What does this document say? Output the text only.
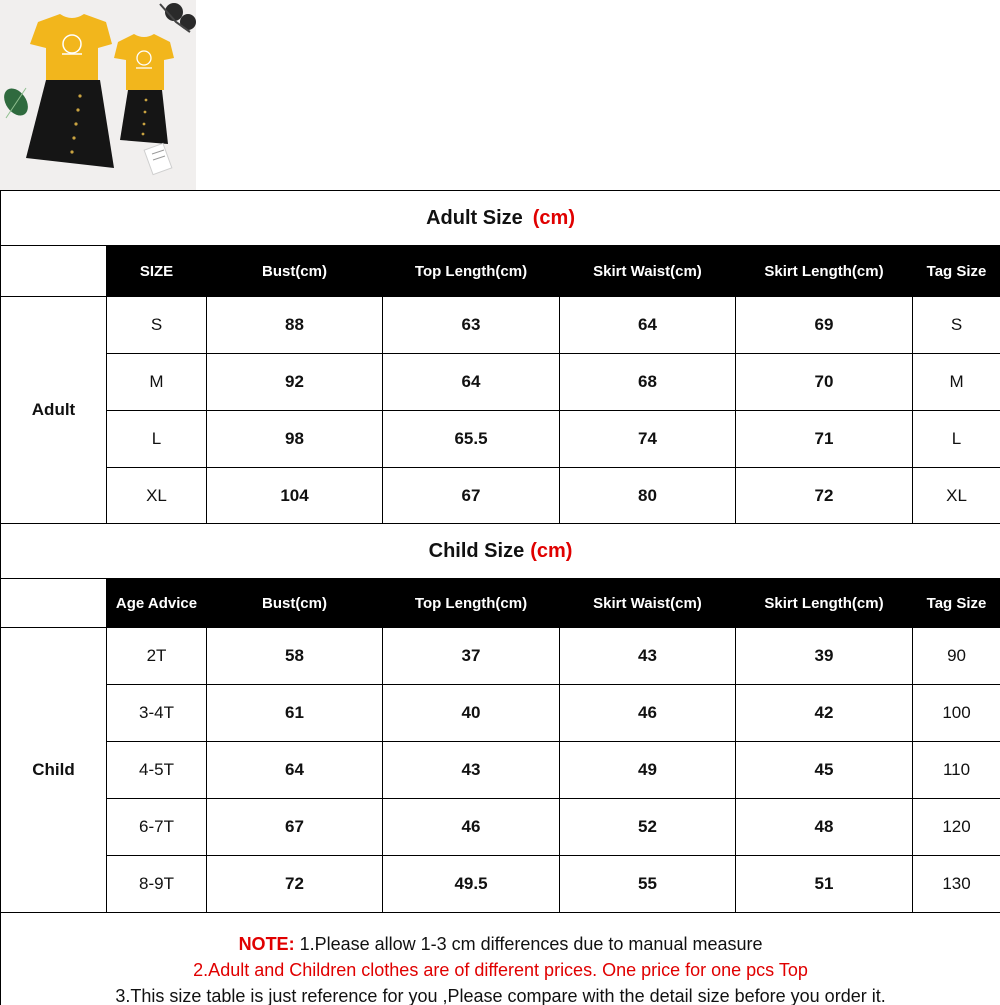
Adult Size (cm)						
	SIZE	Bust(cm)	Top Length(cm)	Skirt Waist(cm)	Skirt Length(cm)	Tag Size
Adult	S	88	63	64	69	S
	M	92	64	68	70	M
	L	98	65.5	74	71	L
	XL	104	67	80	72	XL
Child Size (cm)						
	Age Advice	Bust(cm)	Top Length(cm)	Skirt Waist(cm)	Skirt Length(cm)	Tag Size
Child	2T	58	37	43	39	90
	3-4T	61	40	46	42	100
	4-5T	64	43	49	45	110
	6-7T	67	46	52	48	120
	8-9T	72	49.5	55	51	130

NOTE: 1.Please allow 1-3 cm differences due to manual measure
2.Adult and Children clothes are of different prices. One price for one pcs Top
3.This size table is just reference for you ,Please compare with the detail size before you order it.						
